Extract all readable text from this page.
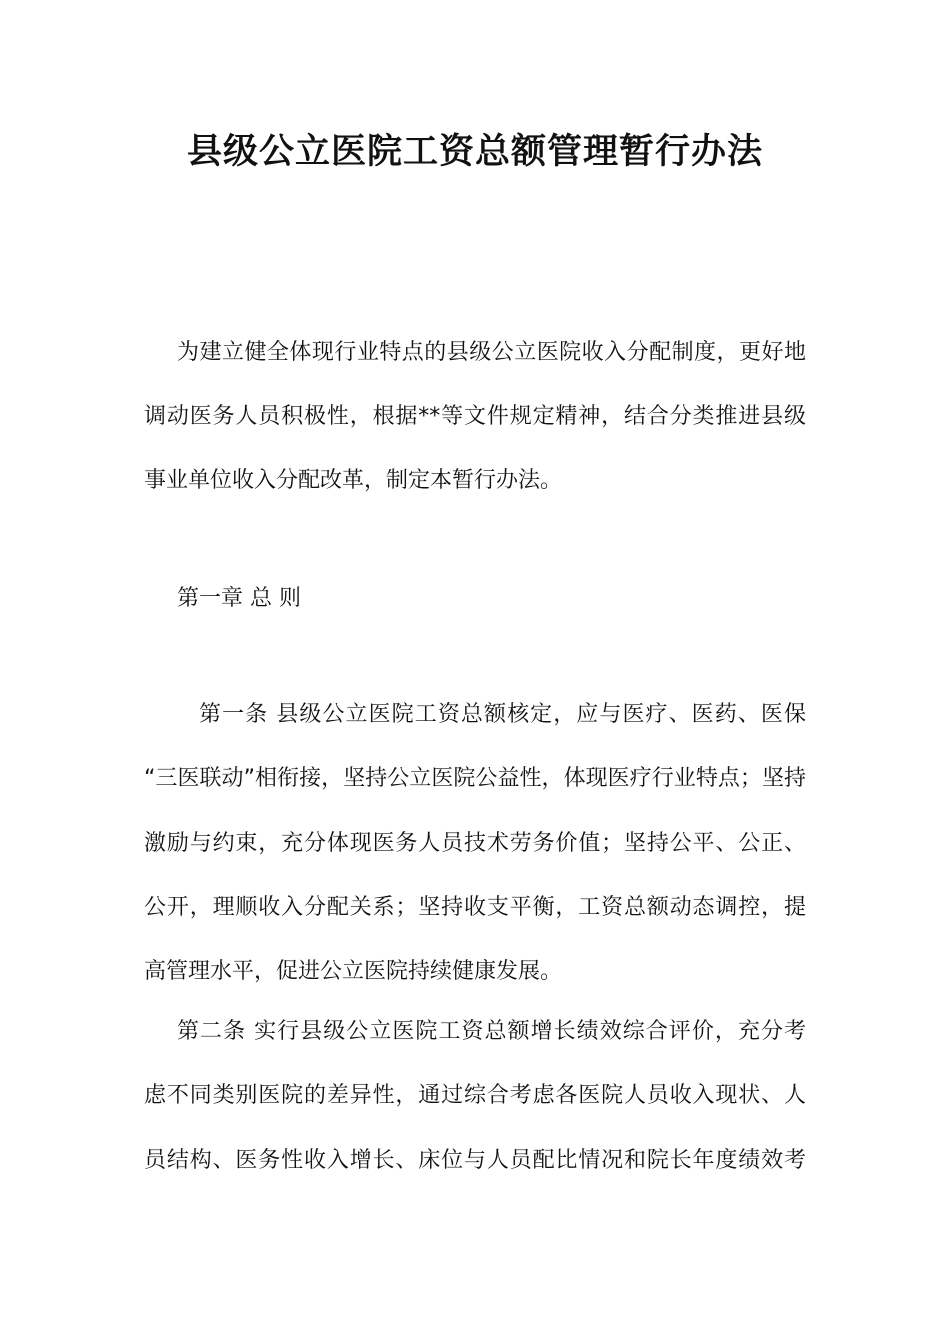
县级公立医院工资总额管理暂行办法

为建立健全体现行业特点的县级公立医院收入分配制度，更好地

调动医务人员积极性，根据**等文件规定精神，结合分类推进县级

事业单位收入分配改革，制定本暂行办法。

第一章 总 则

第一条 县级公立医院工资总额核定，应与医疗、医药、医保

“三医联动”相衔接，坚持公立医院公益性，体现医疗行业特点；坚持

激励与约束，充分体现医务人员技术劳务价值；坚持公平、公正、

公开，理顺收入分配关系；坚持收支平衡，工资总额动态调控，提

高管理水平，促进公立医院持续健康发展。

第二条 实行县级公立医院工资总额增长绩效综合评价，充分考

虑不同类别医院的差异性，通过综合考虑各医院人员收入现状、人

员结构、医务性收入增长、床位与人员配比情况和院长年度绩效考
